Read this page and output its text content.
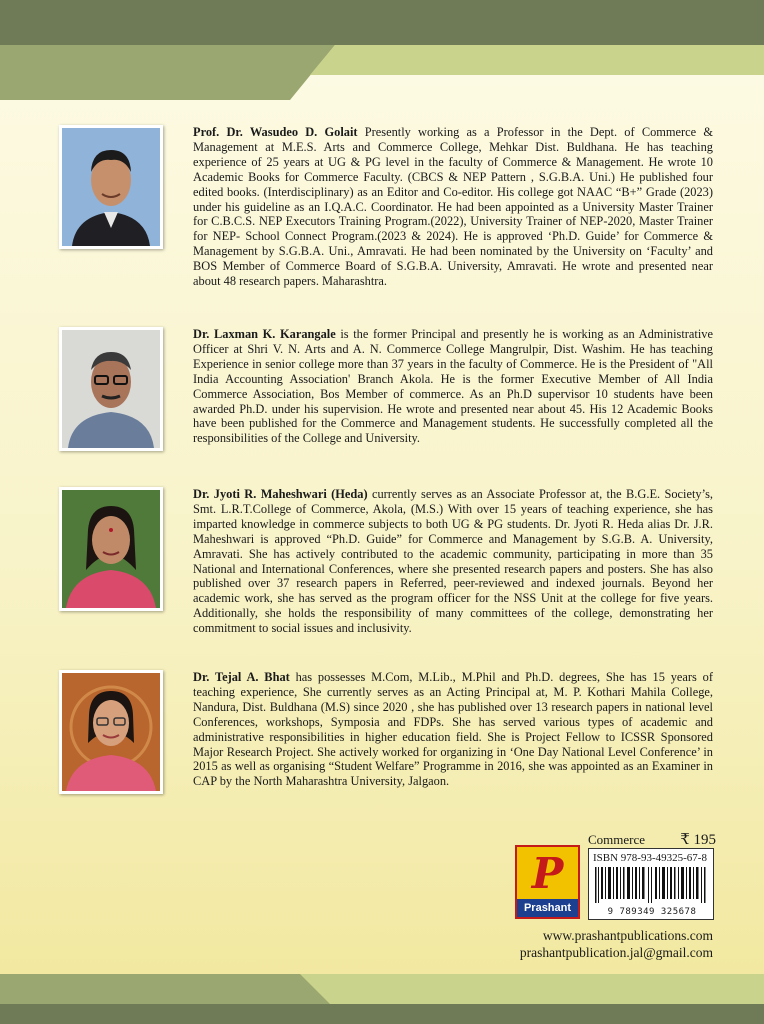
Prof. Dr. Wasudeo D. Golait Presently working as a Professor in the Dept. of Commerce & Management at M.E.S. Arts and Commerce College, Mehkar Dist. Buldhana. He has teaching experience of 25 years at UG & PG level in the faculty of Commerce & Management. He wrote 10 Academic Books for Commerce Faculty. (CBCS & NEP Pattern , S.G.B.A. Uni.) He published four edited books. (Interdisciplinary) as an Editor and Co-editor. His college got NAAC “B+” Grade (2023) under his guideline as an I.Q.A.C. Coordinator. He had been appointed as a University Master Trainer for C.B.C.S. NEP Executors Training Program.(2022), University Trainer of NEP-2020, Master Trainer for NEP- School Connect Program.(2023 & 2024). He is approved ‘Ph.D. Guide’ for Commerce & Management by S.G.B.A. Uni., Amravati. He had been nominated by the University on ‘Faculty’ and BOS Member of Commerce Board of S.G.B.A. University, Amravati. He wrote and presented near about 48 research papers. Maharashtra.
Dr. Laxman K. Karangale is the former Principal and presently he is working as an Administrative Officer at Shri V. N. Arts and A. N. Commerce College Mangrulpir, Dist. Washim. He has teaching Experience in senior college more than 37 years in the faculty of Commerce. He is the President of "All India Accounting Association' Branch Akola. He is the former Executive Member of All India Commerce Association, Bos Member of commerce. As an Ph.D supervisor 10 students have been awarded Ph.D. under his supervision. He wrote and presented near about 45. His 12 Academic Books have been published for the Commerce and Management students. He successfully completed all the responsibilities of the College and University.
Dr. Jyoti R. Maheshwari (Heda) currently serves as an Associate Professor at, the B.G.E. Society’s, Smt. L.R.T.College of Commerce, Akola, (M.S.) With over 15 years of teaching experience, she has imparted knowledge in commerce subjects to both UG & PG students. Dr. Jyoti R. Heda alias Dr. J.R. Maheshwari is approved “Ph.D. Guide” for Commerce and Management by S.G.B. A. University, Amravati. She has actively contributed to the academic community, participating in more than 35 National and International Conferences, where she presented research papers and posters. She has also published over 37 research papers in Referred, peer-reviewed and indexed journals. Beyond her academic work, she has served as the program officer for the NSS Unit at the college for five years. Additionally, she holds the responsibility of many committees of the college, demonstrating her commitment to social issues and inclusivity.
Dr. Tejal A. Bhat has possesses M.Com, M.Lib., M.Phil and Ph.D. degrees, She has 15 years of teaching experience, She currently serves as an Acting Principal at, M. P. Kothari Mahila College, Nandura, Dist. Buldhana (M.S) since 2020 , she has published over 13 research papers in national level Conferences, workshops, Symposia and FDPs. She has served various types of academic and administrative responsibilities in higher education field. She is Project Fellow to ICSSR Sponsored Major Research Project. She actively worked for organizing in ‘One Day National Level Conference’ in 2015 as well as organising “Student Welfare” Programme in 2016, she was appointed as an Examiner in CAP by the North Maharashtra University, Jalgaon.
Commerce ₹ 195
P
Prashant
ISBN 978-93-49325-67-8
9 789349 325678
www.prashantpublications.com
prashantpublication.jal@gmail.com
